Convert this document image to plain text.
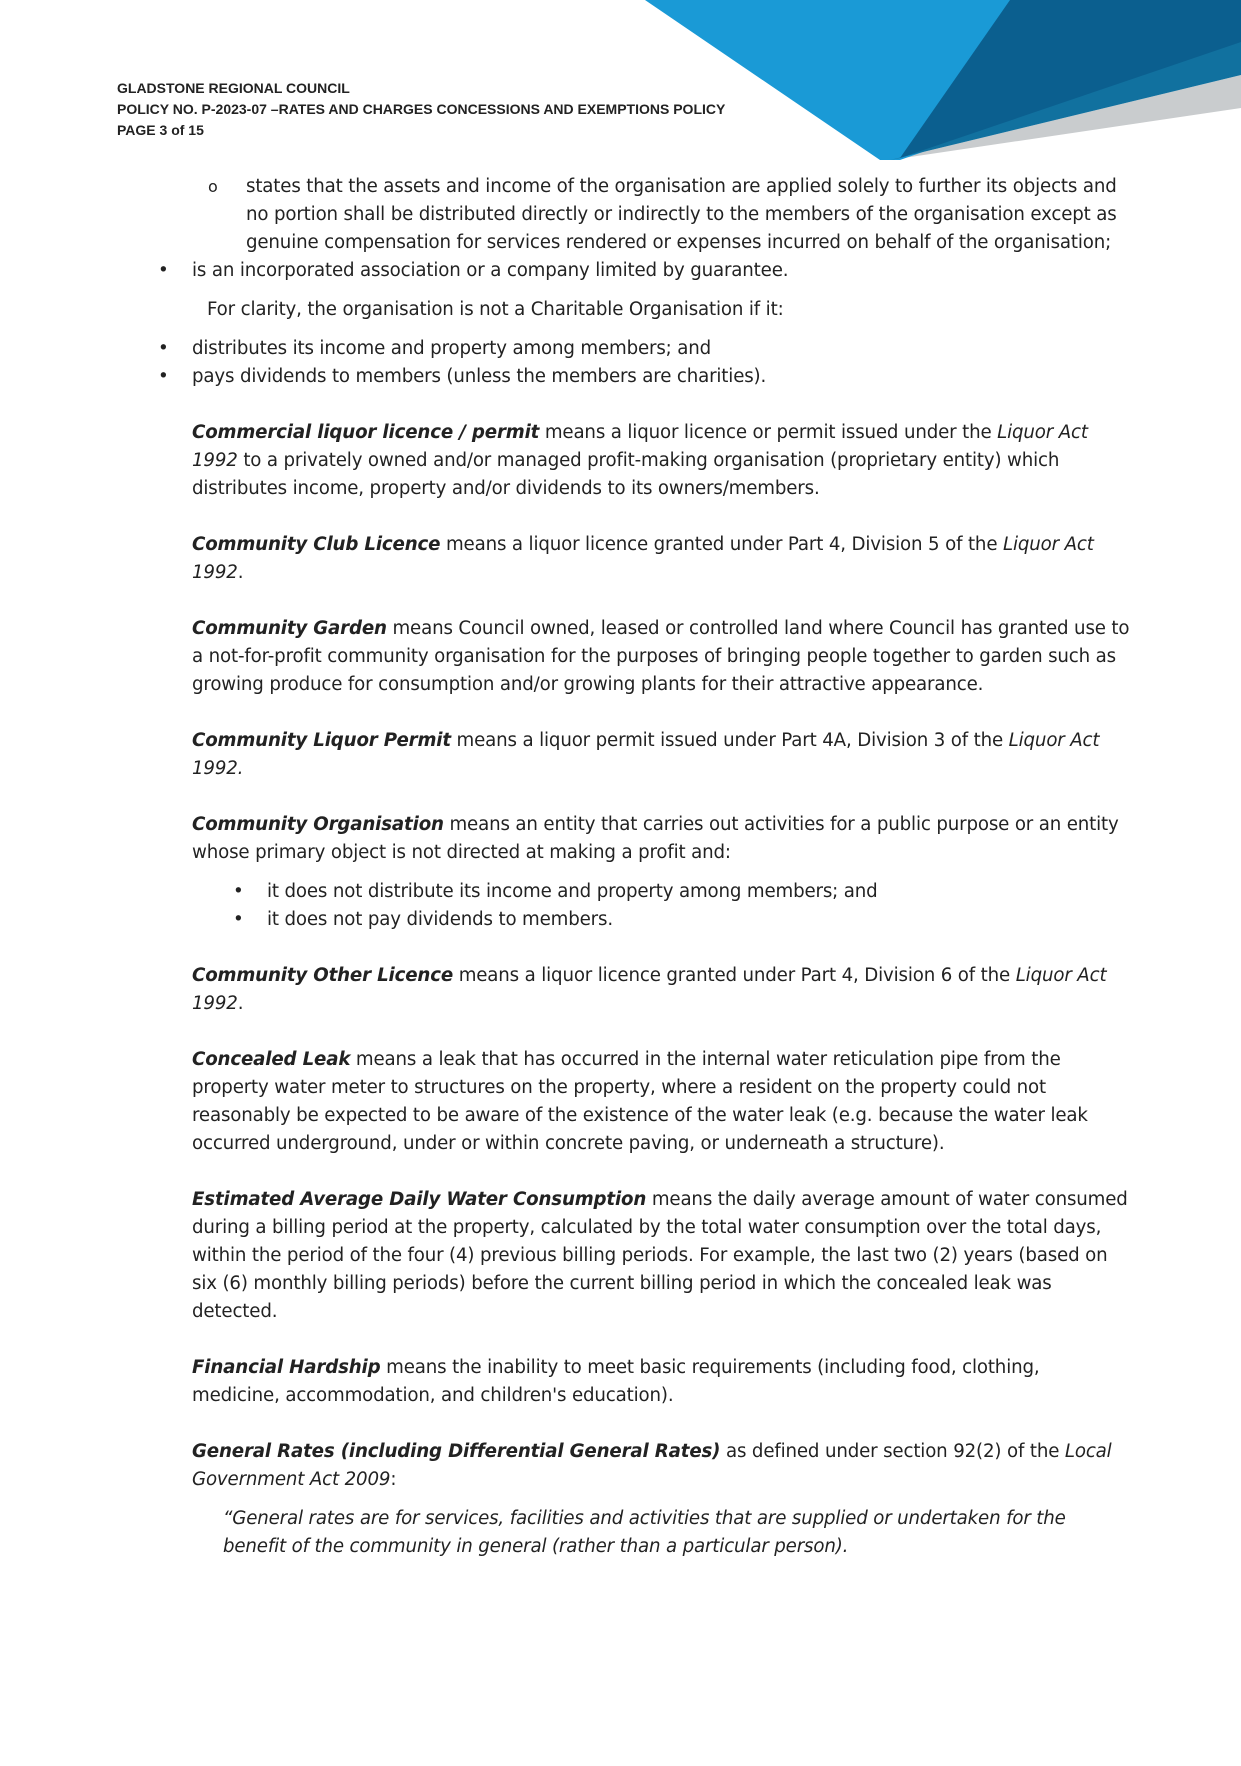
GLADSTONE REGIONAL COUNCIL
POLICY NO. P-2023-07 –RATES AND CHARGES CONCESSIONS AND EXEMPTIONS POLICY
PAGE 3 of 15

o states that the assets and income of the organisation are applied solely to further its objects and no portion shall be distributed directly or indirectly to the members of the organisation except as genuine compensation for services rendered or expenses incurred on behalf of the organisation;

• is an incorporated association or a company limited by guarantee.

For clarity, the organisation is not a Charitable Organisation if it:

• distributes its income and property among members; and

• pays dividends to members (unless the members are charities).

Commercial liquor licence / permit means a liquor licence or permit issued under the Liquor Act 1992 to a privately owned and/or managed profit-making organisation (proprietary entity) which distributes income, property and/or dividends to its owners/members.

Community Club Licence means a liquor licence granted under Part 4, Division 5 of the Liquor Act 1992.

Community Garden means Council owned, leased or controlled land where Council has granted use to a not-for-profit community organisation for the purposes of bringing people together to garden such as growing produce for consumption and/or growing plants for their attractive appearance.

Community Liquor Permit means a liquor permit issued under Part 4A, Division 3 of the Liquor Act 1992.

Community Organisation means an entity that carries out activities for a public purpose or an entity whose primary object is not directed at making a profit and:

• it does not distribute its income and property among members; and

• it does not pay dividends to members.

Community Other Licence means a liquor licence granted under Part 4, Division 6 of the Liquor Act 1992.

Concealed Leak means a leak that has occurred in the internal water reticulation pipe from the property water meter to structures on the property, where a resident on the property could not reasonably be expected to be aware of the existence of the water leak (e.g. because the water leak occurred underground, under or within concrete paving, or underneath a structure).

Estimated Average Daily Water Consumption means the daily average amount of water consumed during a billing period at the property, calculated by the total water consumption over the total days, within the period of the four (4) previous billing periods. For example, the last two (2) years (based on six (6) monthly billing periods) before the current billing period in which the concealed leak was detected.

Financial Hardship means the inability to meet basic requirements (including food, clothing, medicine, accommodation, and children's education).

General Rates (including Differential General Rates) as defined under section 92(2) of the Local Government Act 2009:

“General rates are for services, facilities and activities that are supplied or undertaken for the benefit of the community in general (rather than a particular person).
